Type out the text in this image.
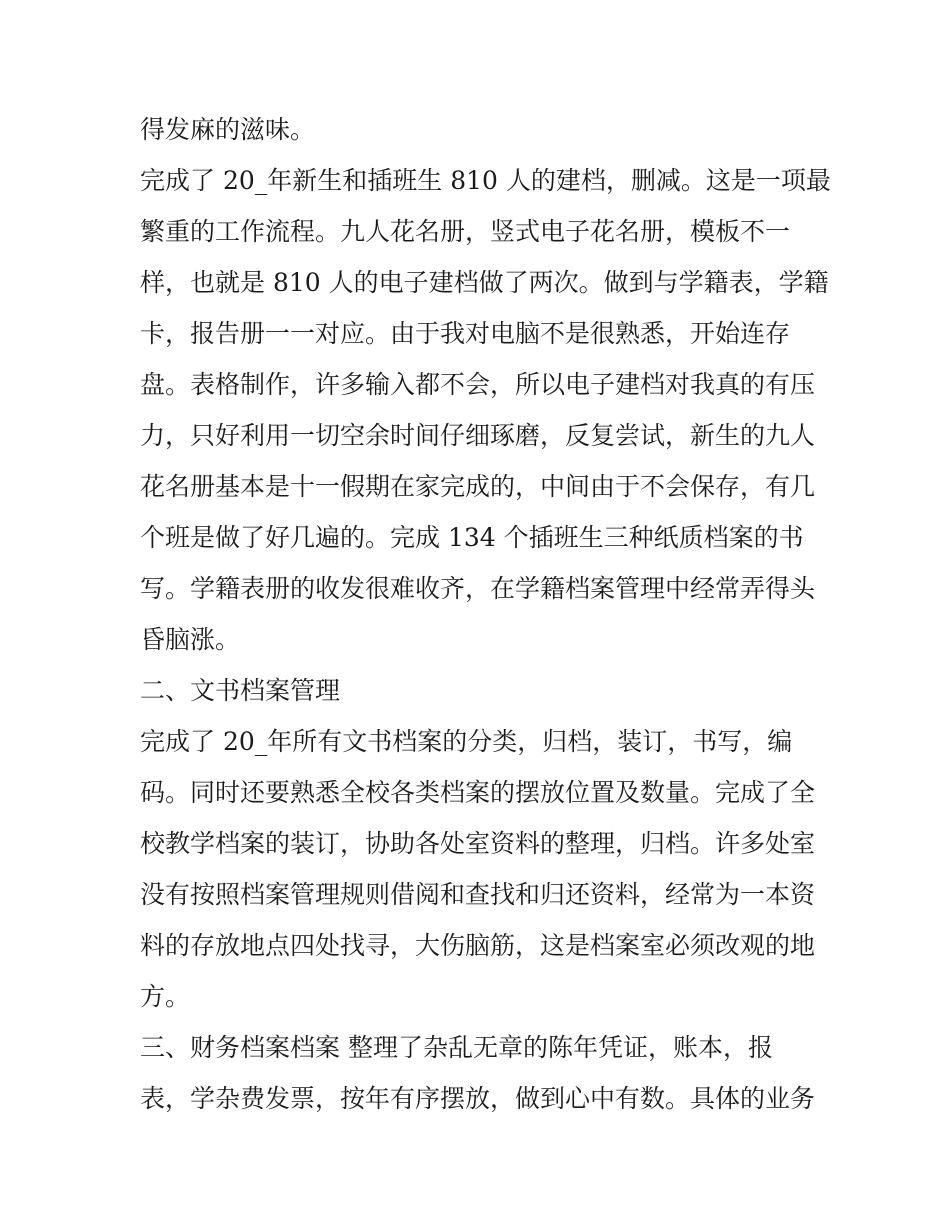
得发麻的滋味。
完成了 20_年新生和插班生 810 人的建档，删减。这是一项最
繁重的工作流程。九人花名册，竖式电子花名册，模板不一
样，也就是 810 人的电子建档做了两次。做到与学籍表，学籍
卡，报告册一一对应。由于我对电脑不是很熟悉，开始连存
盘。表格制作，许多输入都不会，所以电子建档对我真的有压
力，只好利用一切空余时间仔细琢磨，反复尝试，新生的九人
花名册基本是十一假期在家完成的，中间由于不会保存，有几
个班是做了好几遍的。完成 134 个插班生三种纸质档案的书
写。学籍表册的收发很难收齐，在学籍档案管理中经常弄得头
昏脑涨。
二、文书档案管理
完成了 20_年所有文书档案的分类，归档，装订，书写，编
码。同时还要熟悉全校各类档案的摆放位置及数量。完成了全
校教学档案的装订，协助各处室资料的整理，归档。许多处室
没有按照档案管理规则借阅和查找和归还资料，经常为一本资
料的存放地点四处找寻，大伤脑筋，这是档案室必须改观的地
方。
三、财务档案档案 整理了杂乱无章的陈年凭证，账本，报
表，学杂费发票，按年有序摆放，做到心中有数。具体的业务
